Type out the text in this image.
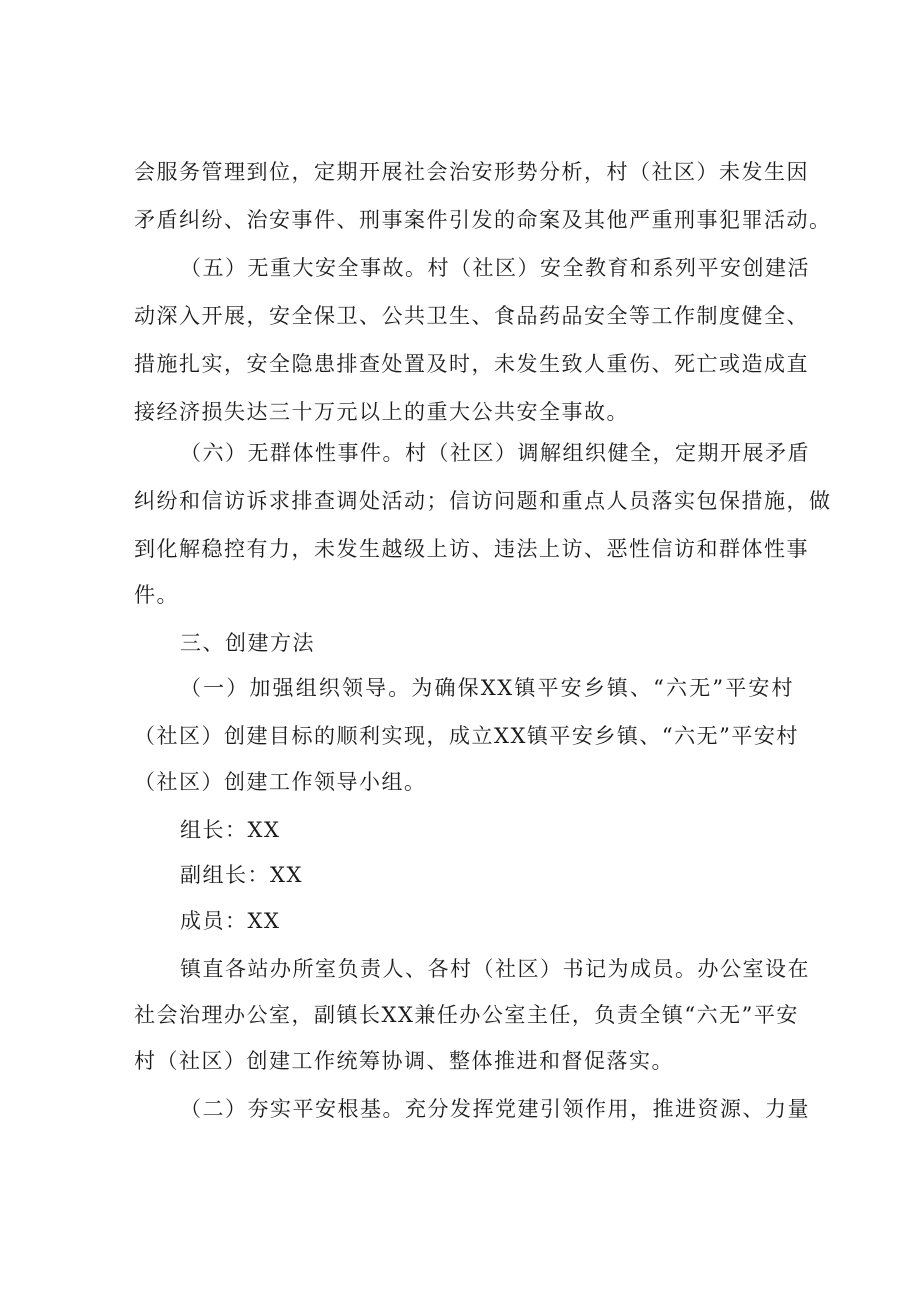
会服务管理到位，定期开展社会治安形势分析，村（社区）未发生因
矛盾纠纷、治安事件、刑事案件引发的命案及其他严重刑事犯罪活动。
（五）无重大安全事故。村（社区）安全教育和系列平安创建活
动深入开展，安全保卫、公共卫生、食品药品安全等工作制度健全、
措施扎实，安全隐患排查处置及时，未发生致人重伤、死亡或造成直
接经济损失达三十万元以上的重大公共安全事故。
（六）无群体性事件。村（社区）调解组织健全，定期开展矛盾
纠纷和信访诉求排查调处活动；信访问题和重点人员落实包保措施，做
到化解稳控有力，未发生越级上访、违法上访、恶性信访和群体性事
件。
三、创建方法
（一）加强组织领导。为确保XX镇平安乡镇、“六无”平安村
（社区）创建目标的顺利实现，成立XX镇平安乡镇、“六无”平安村
（社区）创建工作领导小组。
组长：XX
副组长：XX
成员：XX
镇直各站办所室负责人、各村（社区）书记为成员。办公室设在
社会治理办公室，副镇长XX兼任办公室主任，负责全镇“六无”平安
村（社区）创建工作统筹协调、整体推进和督促落实。
（二）夯实平安根基。充分发挥党建引领作用，推进资源、力量
